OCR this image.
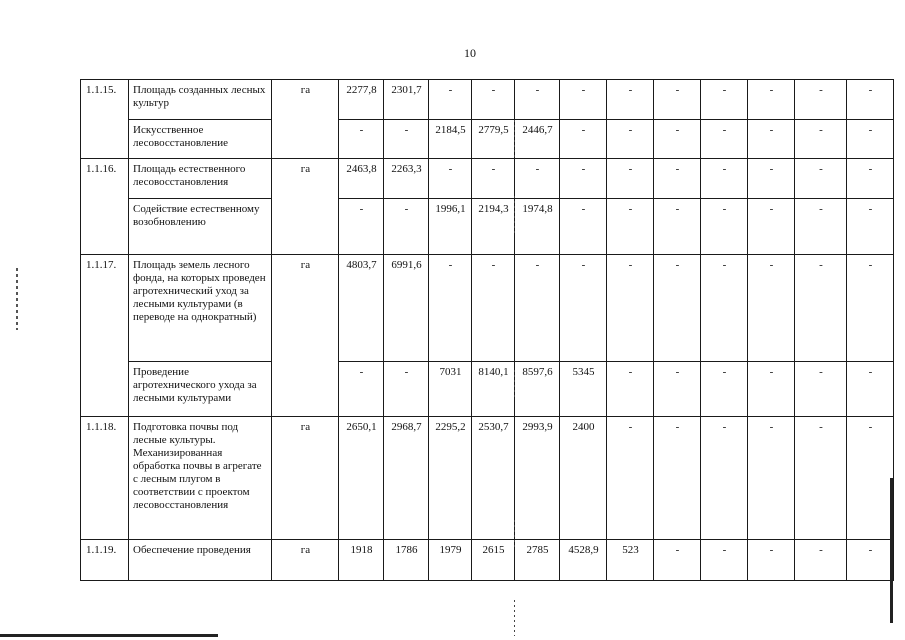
10
1.1.15.	Площадь созданных лесных культур	га	2277,8	2301,7	-	-	-	-	-	-	-	-	-	-
	Искусственное лесовосстановление		-	-	2184,5	2779,5	2446,7	-	-	-	-	-	-	-
1.1.16.	Площадь естественного лесовосстановления	га	2463,8	2263,3	-	-	-	-	-	-	-	-	-	-
	Содействие естественному возобновлению		-	-	1996,1	2194,3	1974,8	-	-	-	-	-	-	-
1.1.17.	Площадь земель лесного фонда, на которых проведен агротехнический уход за лесными культурами (в переводе на однократный)	га	4803,7	6991,6	-	-	-	-	-	-	-	-	-	-
	Проведение агротехнического ухода за лесными культурами		-	-	7031	8140,1	8597,6	5345	-	-	-	-	-	-
1.1.18.	Подготовка почвы под лесные культуры. Механизированная обработка почвы в агрегате с лесным плугом в соответствии с проектом лесовосстановления	га	2650,1	2968,7	2295,2	2530,7	2993,9	2400	-	-	-	-	-	-
1.1.19.	Обеспечение проведения	га	1918	1786	1979	2615	2785	4528,9	523	-	-	-	-	-
